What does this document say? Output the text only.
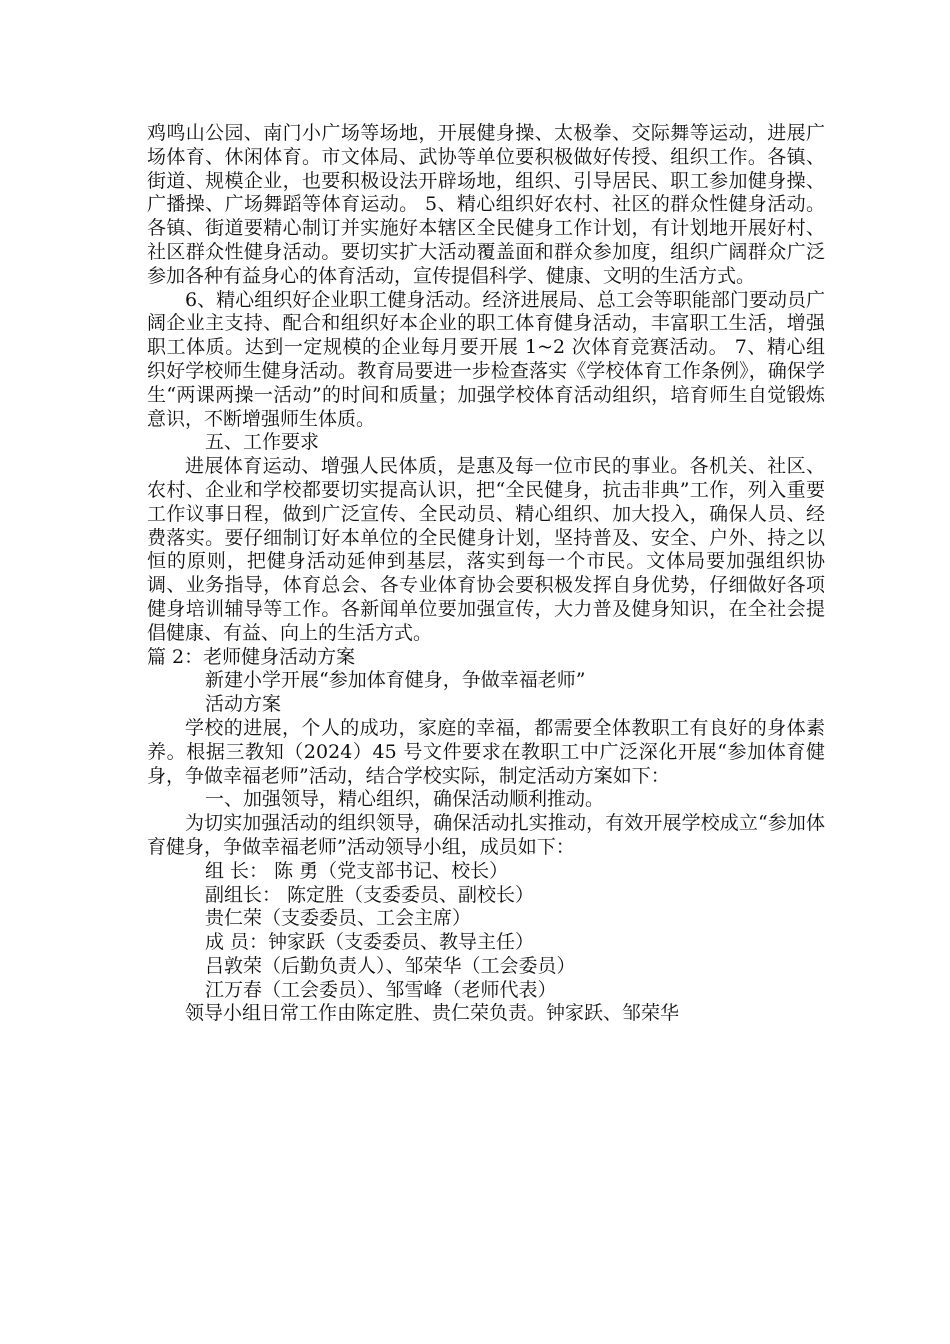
鸡鸣山公园、南门小广场等场地，开展健身操、太极拳、交际舞等运动，进展广场体育、休闲体育。市文体局、武协等单位要积极做好传授、组织工作。各镇、街道、规模企业，也要积极设法开辟场地，组织、引导居民、职工参加健身操、广播操、广场舞蹈等体育运动。 5、精心组织好农村、社区的群众性健身活动。各镇、街道要精心制订并实施好本辖区全民健身工作计划，有计划地开展好村、社区群众性健身活动。要切实扩大活动覆盖面和群众参加度，组织广阔群众广泛参加各种有益身心的体育活动，宣传提倡科学、健康、文明的生活方式。

6、精心组织好企业职工健身活动。经济进展局、总工会等职能部门要动员广阔企业主支持、配合和组织好本企业的职工体育健身活动，丰富职工生活，增强职工体质。达到一定规模的企业每月要开展 1~2 次体育竞赛活动。 7、精心组织好学校师生健身活动。教育局要进一步检查落实《学校体育工作条例》，确保学生“两课两操一活动”的时间和质量；加强学校体育活动组织，培育师生自觉锻炼意识，不断增强师生体质。

五、工作要求

进展体育运动、增强人民体质，是惠及每一位市民的事业。各机关、社区、农村、企业和学校都要切实提高认识，把“全民健身，抗击非典”工作，列入重要工作议事日程，做到广泛宣传、全民动员、精心组织、加大投入，确保人员、经费落实。要仔细制订好本单位的全民健身计划，坚持普及、安全、户外、持之以恒的原则，把健身活动延伸到基层，落实到每一个市民。文体局要加强组织协调、业务指导，体育总会、各专业体育协会要积极发挥自身优势，仔细做好各项健身培训辅导等工作。各新闻单位要加强宣传，大力普及健身知识，在全社会提倡健康、有益、向上的生活方式。

篇 2：老师健身活动方案

新建小学开展“参加体育健身，争做幸福老师”

活动方案

学校的进展，个人的成功，家庭的幸福，都需要全体教职工有良好的身体素养。根据三教知（2024）45 号文件要求在教职工中广泛深化开展“参加体育健身，争做幸福老师”活动，结合学校实际，制定活动方案如下：

一、加强领导，精心组织，确保活动顺利推动。

为切实加强活动的组织领导，确保活动扎实推动，有效开展学校成立“参加体育健身，争做幸福老师”活动领导小组，成员如下：

组 长： 陈 勇（党支部书记、校长）

副组长： 陈定胜（支委委员、副校长）

贵仁荣（支委委员、工会主席）

成 员：钟家跃（支委委员、教导主任）

吕敦荣（后勤负责人）、邹荣华（工会委员）

江万春（工会委员）、邹雪峰（老师代表）

领导小组日常工作由陈定胜、贵仁荣负责。钟家跃、邹荣华
